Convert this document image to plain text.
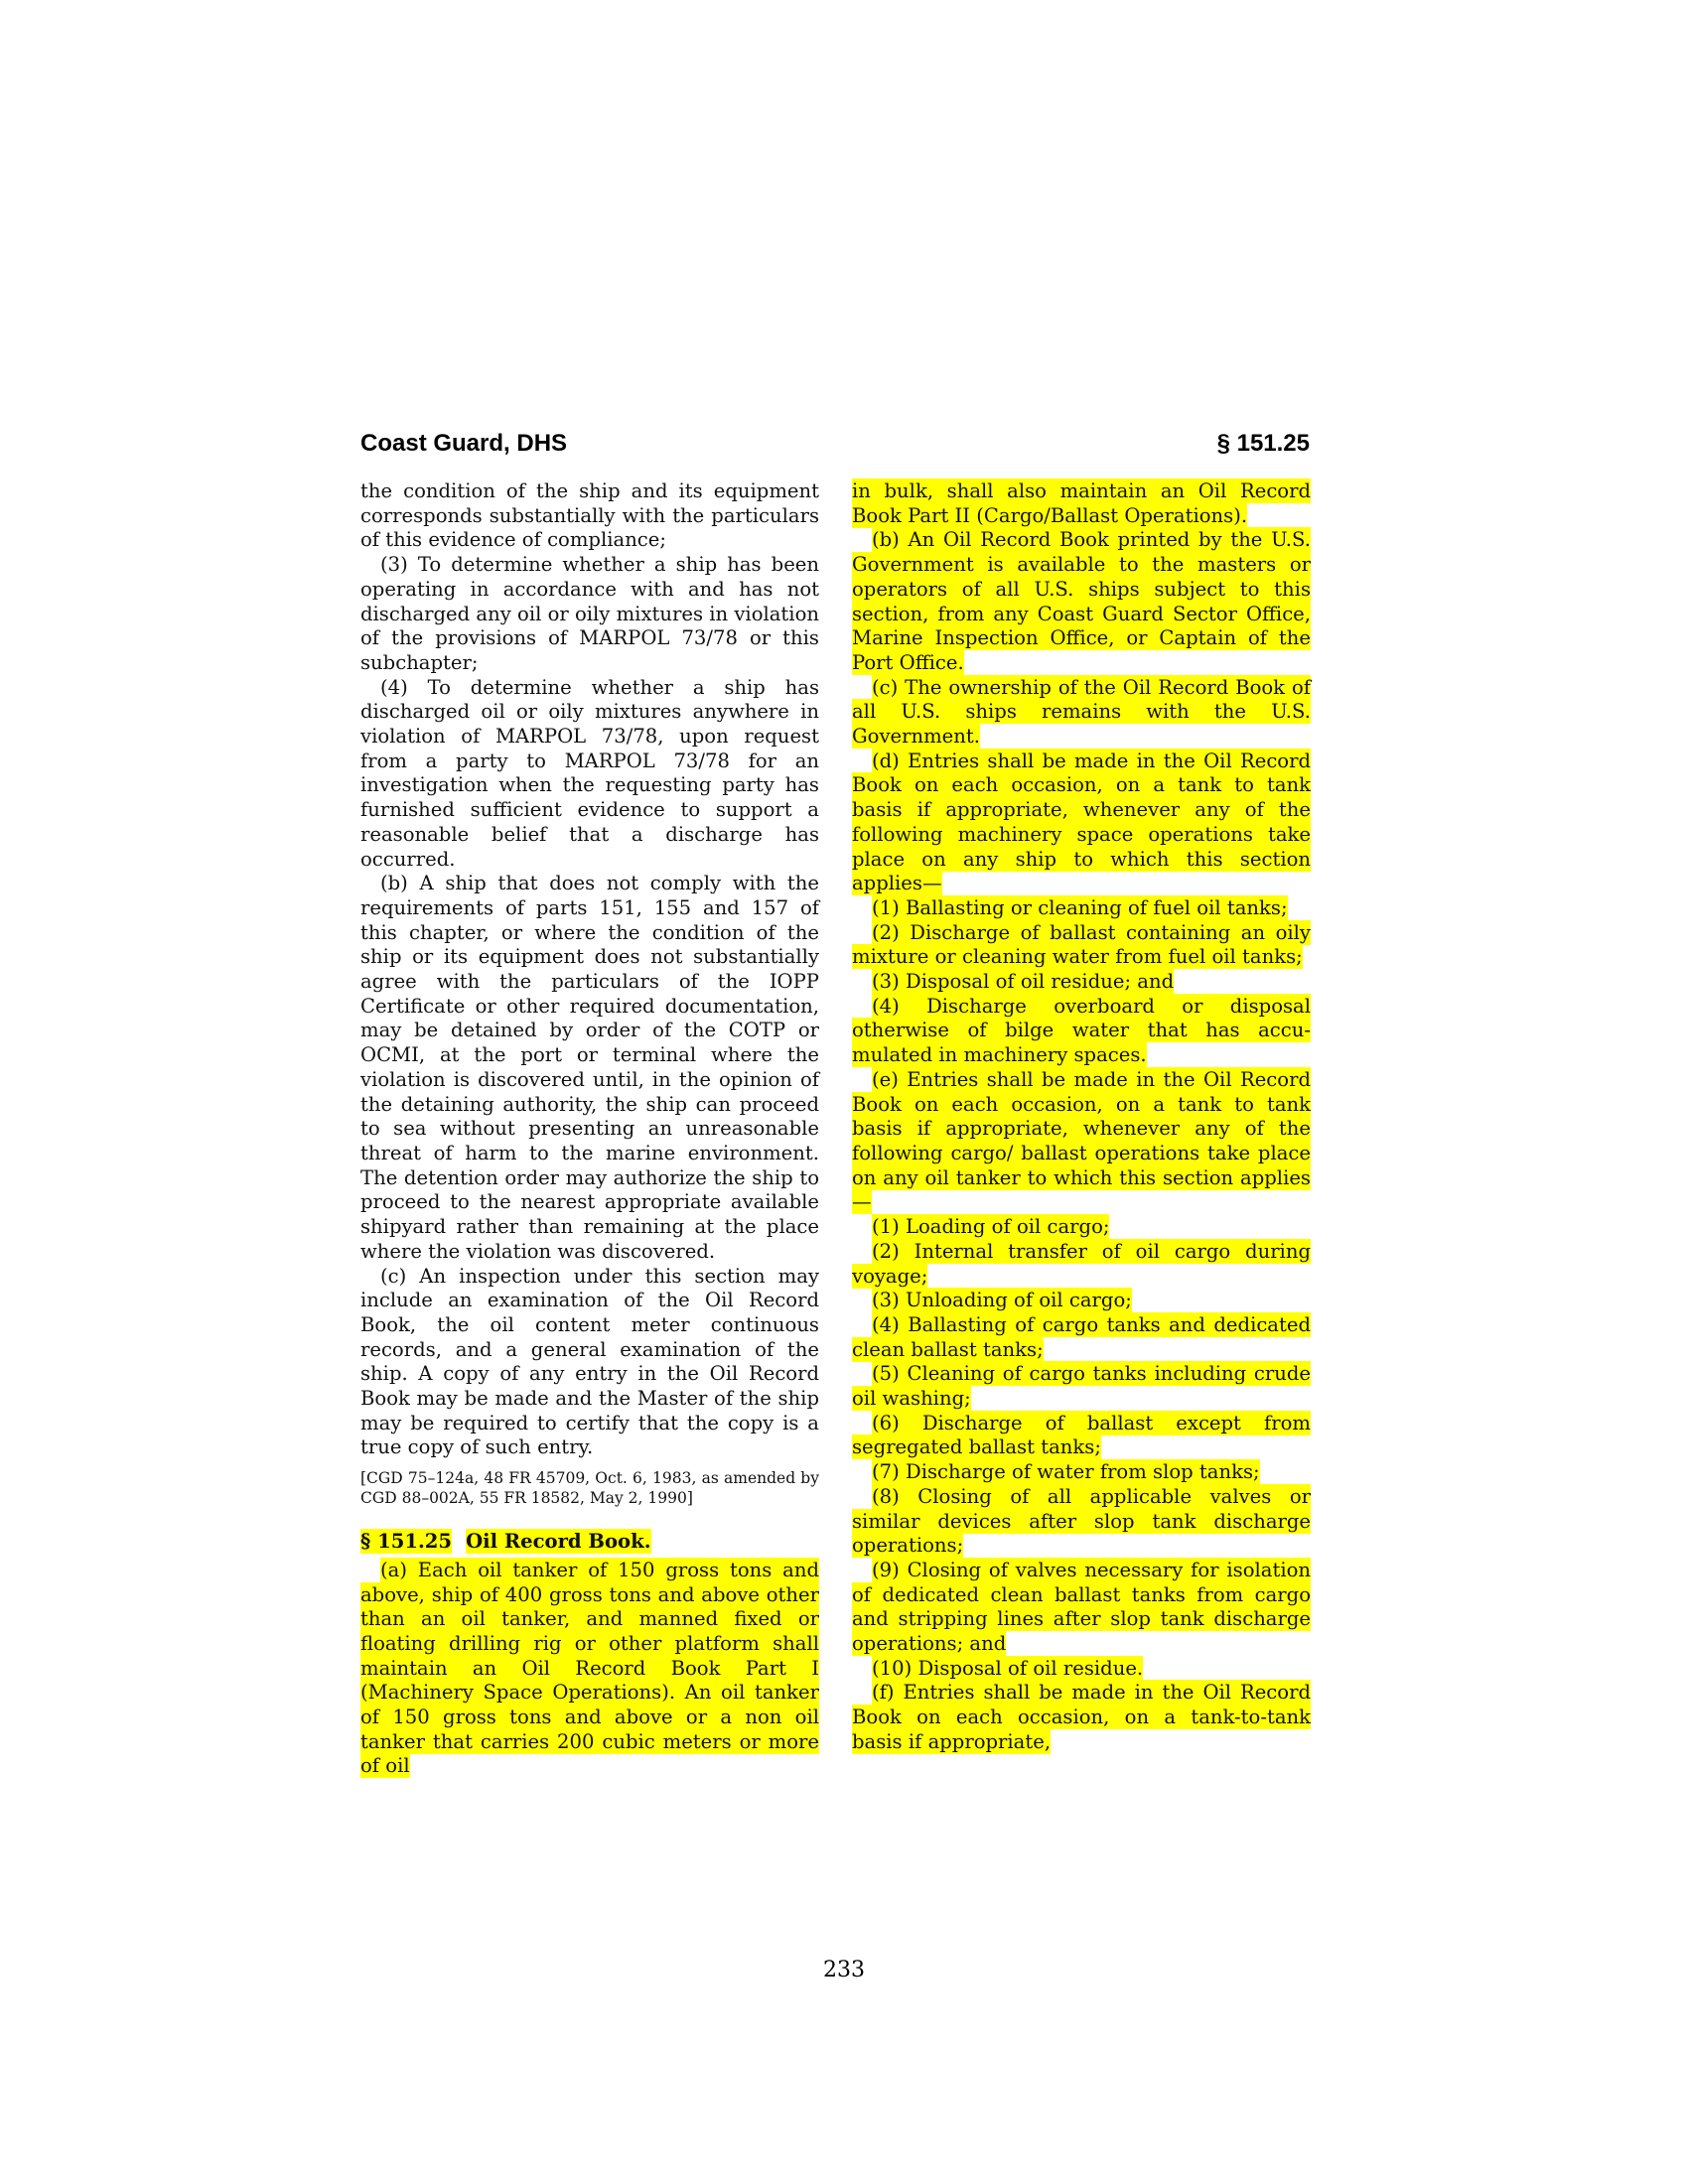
Coast Guard, DHS	§ 151.25

the condition of the ship and its equipment corresponds substantially with the particulars of this evidence of compliance;

(3) To determine whether a ship has been operating in accordance with and has not discharged any oil or oily mixtures in violation of the provisions of MARPOL 73/78 or this subchapter;

(4) To determine whether a ship has discharged oil or oily mixtures anywhere in violation of MARPOL 73/78, upon request from a party to MARPOL 73/78 for an investigation when the requesting party has furnished sufficient evidence to support a reasonable belief that a discharge has occurred.

(b) A ship that does not comply with the requirements of parts 151, 155 and 157 of this chapter, or where the condition of the ship or its equipment does not substantially agree with the particulars of the IOPP Certificate or other required documentation, may be detained by order of the COTP or OCMI, at the port or terminal where the violation is discovered until, in the opinion of the detaining authority, the ship can proceed to sea without presenting an unreasonable threat of harm to the marine environment. The detention order may authorize the ship to proceed to the nearest appropriate available shipyard rather than remaining at the place where the violation was discovered.

(c) An inspection under this section may include an examination of the Oil Record Book, the oil content meter continuous records, and a general examination of the ship. A copy of any entry in the Oil Record Book may be made and the Master of the ship may be required to certify that the copy is a true copy of such entry.

[CGD 75–124a, 48 FR 45709, Oct. 6, 1983, as amended by CGD 88–002A, 55 FR 18582, May 2, 1990]

§ 151.25 Oil Record Book.

(a) Each oil tanker of 150 gross tons and above, ship of 400 gross tons and above other than an oil tanker, and manned fixed or floating drilling rig or other platform shall maintain an Oil Record Book Part I (Machinery Space Operations). An oil tanker of 150 gross tons and above or a non oil tanker that carries 200 cubic meters or more of oil

in bulk, shall also maintain an Oil Record Book Part II (Cargo/Ballast Operations).

(b) An Oil Record Book printed by the U.S. Government is available to the masters or operators of all U.S. ships subject to this section, from any Coast Guard Sector Office, Marine Inspection Office, or Captain of the Port Office.

(c) The ownership of the Oil Record Book of all U.S. ships remains with the U.S. Government.

(d) Entries shall be made in the Oil Record Book on each occasion, on a tank to tank basis if appropriate, whenever any of the following machinery space operations take place on any ship to which this section applies—

(1) Ballasting or cleaning of fuel oil tanks;

(2) Discharge of ballast containing an oily mixture or cleaning water from fuel oil tanks;

(3) Disposal of oil residue; and

(4) Discharge overboard or disposal otherwise of bilge water that has accumulated in machinery spaces.

(e) Entries shall be made in the Oil Record Book on each occasion, on a tank to tank basis if appropriate, whenever any of the following cargo/ ballast operations take place on any oil tanker to which this section applies—

(1) Loading of oil cargo;

(2) Internal transfer of oil cargo during voyage;

(3) Unloading of oil cargo;

(4) Ballasting of cargo tanks and dedicated clean ballast tanks;

(5) Cleaning of cargo tanks including crude oil washing;

(6) Discharge of ballast except from segregated ballast tanks;

(7) Discharge of water from slop tanks;

(8) Closing of all applicable valves or similar devices after slop tank discharge operations;

(9) Closing of valves necessary for isolation of dedicated clean ballast tanks from cargo and stripping lines after slop tank discharge operations; and

(10) Disposal of oil residue.

(f) Entries shall be made in the Oil Record Book on each occasion, on a tank-to-tank basis if appropriate,

233
